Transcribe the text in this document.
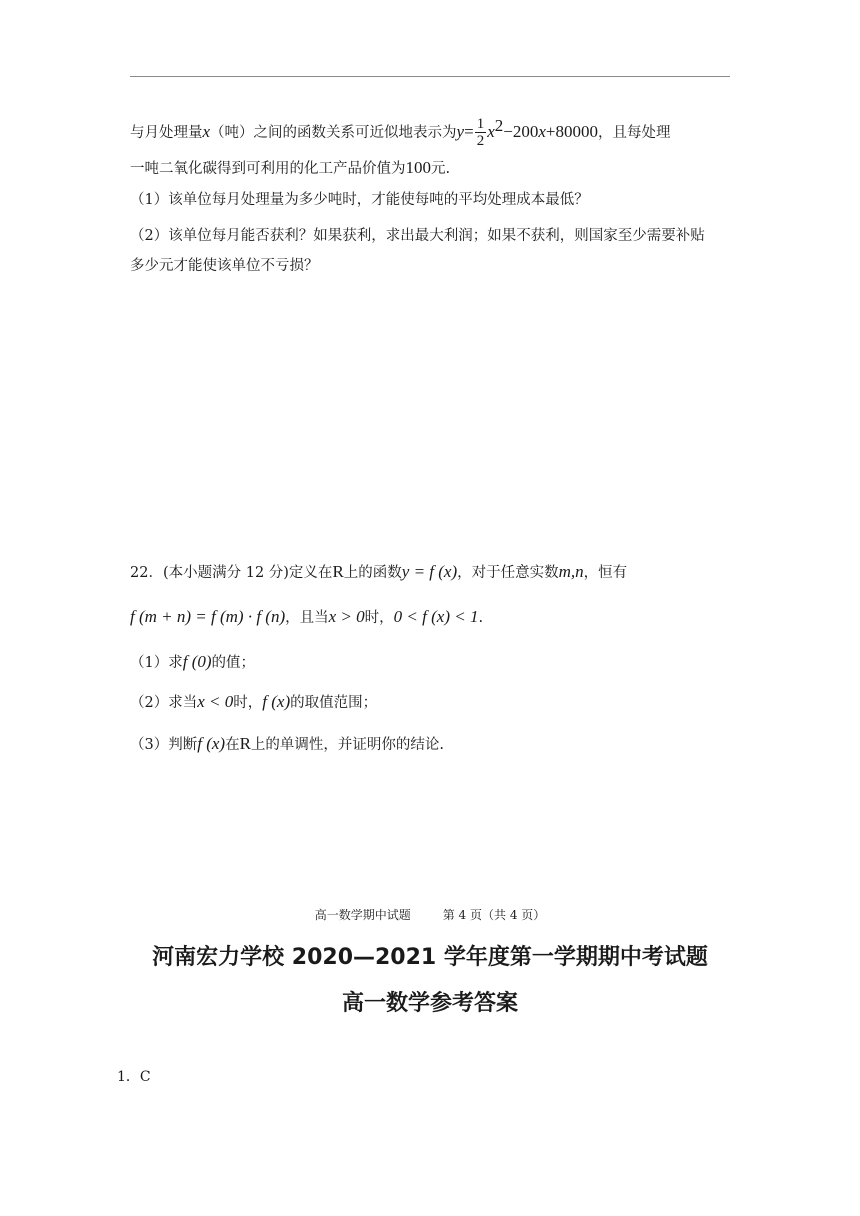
与月处理量x（吨）之间的函数关系可近似地表示为$y= \frac{1}{2} x^2-200x+80000$，且每处理
一吨二氧化碳得到可利用的化工产品价值为100元.
（1）该单位每月处理量为多少吨时，才能使每吨的平均处理成本最低？
（2）该单位每月能否获利？如果获利，求出最大利润；如果不获利，则国家至少需要补贴
多少元才能使该单位不亏损？
22．(本小题满分 12 分)定义在R上的函数y = f (x)，对于任意实数m,n，恒有
f (m + n) = f (m) · f (n)，且当x > 0时，0 < f (x) < 1.
（1）求f (0)的值；
（2）求当x < 0时，f (x)的取值范围；
（3）判断f (x)在R上的单调性，并证明你的结论.
高一数学期中试题	第 4 页（共 4 页）
河南宏力学校 2020—2021 学年度第一学期期中考试题
高一数学参考答案
1．C
